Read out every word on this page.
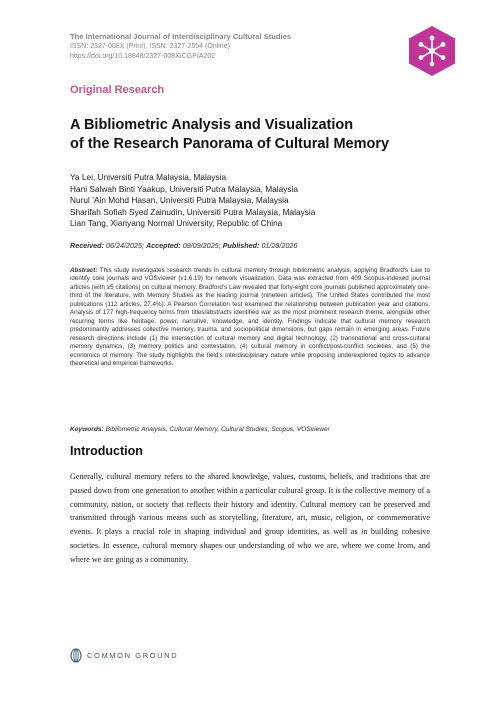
The International Journal of Interdisciplinary Cultural Studies
ISSN: 2327-008X (Print), ISSN: 2327-2554 (Online)
https://doi.org/10.18848/2327-008X/CGP/A202
Original Research
A Bibliometric Analysis and Visualization
of the Research Panorama of Cultural Memory
Ya Lei, Universiti Putra Malaysia, Malaysia
Hani Salwah Binti Yaakup, Universiti Putra Malaysia, Malaysia
Nurul ’Ain Mohd Hasan, Universiti Putra Malaysia, Malaysia
Sharifah Sofiah Syed Zainudin, Universiti Putra Malaysia, Malaysia
Lian Tang, Xianyang Normal University, Republic of China
Received: 06/24/2025; Accepted: 09/09/2025; Published: 01/28/2026
Abstract: This study investigates research trends in cultural memory through bibliometric analysis, applying Bradford’s Law to identify core journals and VOSviewer (v1.6.19) for network visualization. Data was extracted from 409 Scopus-indexed journal articles (with ≥5 citations) on cultural memory. Bradford’s Law revealed that forty-eight core journals published approximately one-third of the literature, with Memory Studies as the leading journal (nineteen articles). The United States contributed the most publications (112 articles, 27.4%). A Pearson Correlation test examined the relationship between publication year and citations. Analysis of 177 high-frequency terms from titles/abstracts identified war as the most prominent research theme, alongside other recurring terms like heritage, power, narrative, knowledge, and identity. Findings indicate that cultural memory research predominantly addresses collective memory, trauma, and sociopolitical dimensions, but gaps remain in emerging areas. Future research directions include (1) the intersection of cultural memory and digital technology, (2) transnational and cross-cultural memory dynamics, (3) memory politics and contestation, (4) cultural memory in conflict/post-conflict societies, and (5) the economics of memory. The study highlights the field’s interdisciplinary nature while proposing underexplored topics to advance theoretical and empirical frameworks.
Keywords: Bibliometric Analysis, Cultural Memory, Cultural Studies, Scopus, VOSviewer
Introduction
Generally, cultural memory refers to the shared knowledge, values, customs, beliefs, and traditions that are passed down from one generation to another within a particular cultural group. It is the collective memory of a community, nation, or society that reflects their history and identity. Cultural memory can be preserved and transmitted through various means such as storytelling, literature, art, music, religion, or commemorative events. It plays a crucial role in shaping individual and group identities, as well as in building cohesive societies. In essence, cultural memory shapes our understanding of who we are, where we come from, and where we are going as a community.
COMMON GROUND
